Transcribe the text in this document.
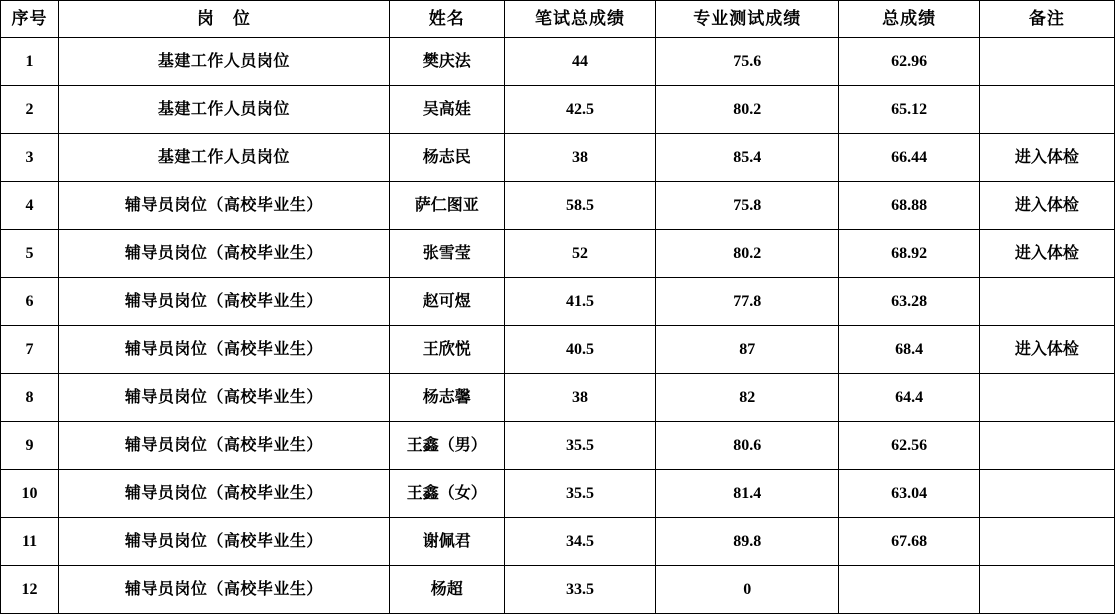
序号	岗　位	姓名	笔试总成绩	专业测试成绩	总成绩	备注
1	基建工作人员岗位	樊庆法	44	75.6	62.96	
2	基建工作人员岗位	吴高娃	42.5	80.2	65.12	
3	基建工作人员岗位	杨志民	38	85.4	66.44	进入体检
4	辅导员岗位（高校毕业生）	萨仁图亚	58.5	75.8	68.88	进入体检
5	辅导员岗位（高校毕业生）	张雪莹	52	80.2	68.92	进入体检
6	辅导员岗位（高校毕业生）	赵可煜	41.5	77.8	63.28	
7	辅导员岗位（高校毕业生）	王欣悦	40.5	87	68.4	进入体检
8	辅导员岗位（高校毕业生）	杨志馨	38	82	64.4	
9	辅导员岗位（高校毕业生）	王鑫（男）	35.5	80.6	62.56	
10	辅导员岗位（高校毕业生）	王鑫（女）	35.5	81.4	63.04	
11	辅导员岗位（高校毕业生）	谢佩君	34.5	89.8	67.68	
12	辅导员岗位（高校毕业生）	杨超	33.5	0		
